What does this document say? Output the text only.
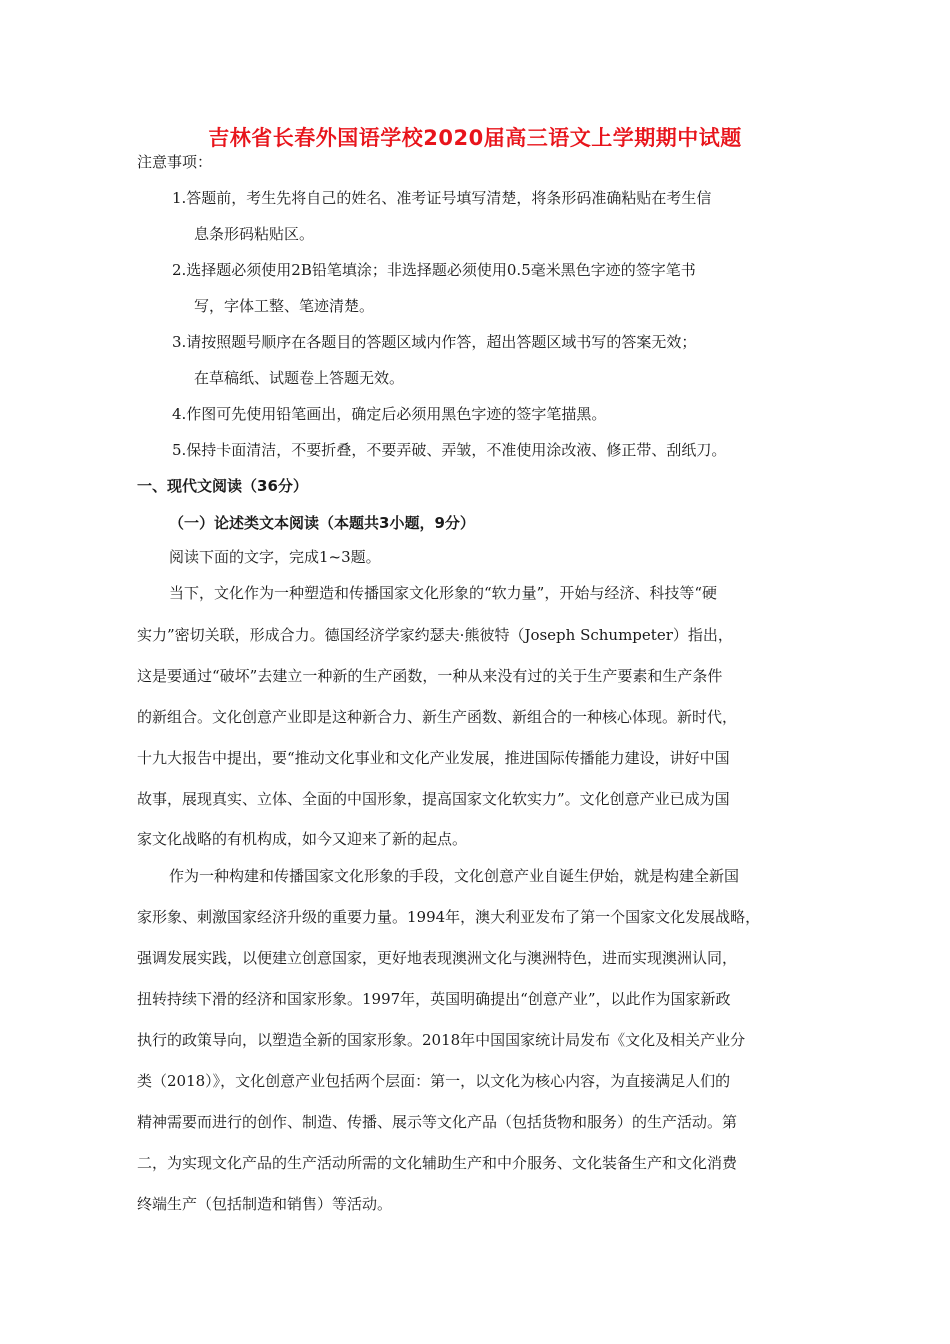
吉林省长春外国语学校2020届高三语文上学期期中试题
注意事项：
1.答题前，考生先将自己的姓名、准考证号填写清楚，将条形码准确粘贴在考生信
息条形码粘贴区。
2.选择题必须使用2B铅笔填涂；非选择题必须使用0.5毫米黑色字迹的签字笔书
写，字体工整、笔迹清楚。
3.请按照题号顺序在各题目的答题区域内作答，超出答题区域书写的答案无效；
在草稿纸、试题卷上答题无效。
4.作图可先使用铅笔画出，确定后必须用黑色字迹的签字笔描黑。
5.保持卡面清洁，不要折叠，不要弄破、弄皱，不准使用涂改液、修正带、刮纸刀。
一、现代文阅读（36分）
（一）论述类文本阅读（本题共3小题，9分）
阅读下面的文字，完成1~3题。
当下，文化作为一种塑造和传播国家文化形象的“软力量”，开始与经济、科技等“硬
实力”密切关联，形成合力。德国经济学家约瑟夫·熊彼特（Joseph Schumpeter）指出，
这是要通过“破坏”去建立一种新的生产函数，一种从来没有过的关于生产要素和生产条件
的新组合。文化创意产业即是这种新合力、新生产函数、新组合的一种核心体现。新时代，
十九大报告中提出，要“推动文化事业和文化产业发展，推进国际传播能力建设，讲好中国
故事，展现真实、立体、全面的中国形象，提高国家文化软实力”。文化创意产业已成为国
家文化战略的有机构成，如今又迎来了新的起点。
作为一种构建和传播国家文化形象的手段，文化创意产业自诞生伊始，就是构建全新国
家形象、刺激国家经济升级的重要力量。1994年，澳大利亚发布了第一个国家文化发展战略，
强调发展实践，以便建立创意国家，更好地表现澳洲文化与澳洲特色，进而实现澳洲认同，
扭转持续下滑的经济和国家形象。1997年，英国明确提出“创意产业”，以此作为国家新政
执行的政策导向，以塑造全新的国家形象。2018年中国国家统计局发布《文化及相关产业分
类（2018）》，文化创意产业包括两个层面：第一，以文化为核心内容，为直接满足人们的
精神需要而进行的创作、制造、传播、展示等文化产品（包括货物和服务）的生产活动。第
二，为实现文化产品的生产活动所需的文化辅助生产和中介服务、文化装备生产和文化消费
终端生产（包括制造和销售）等活动。
